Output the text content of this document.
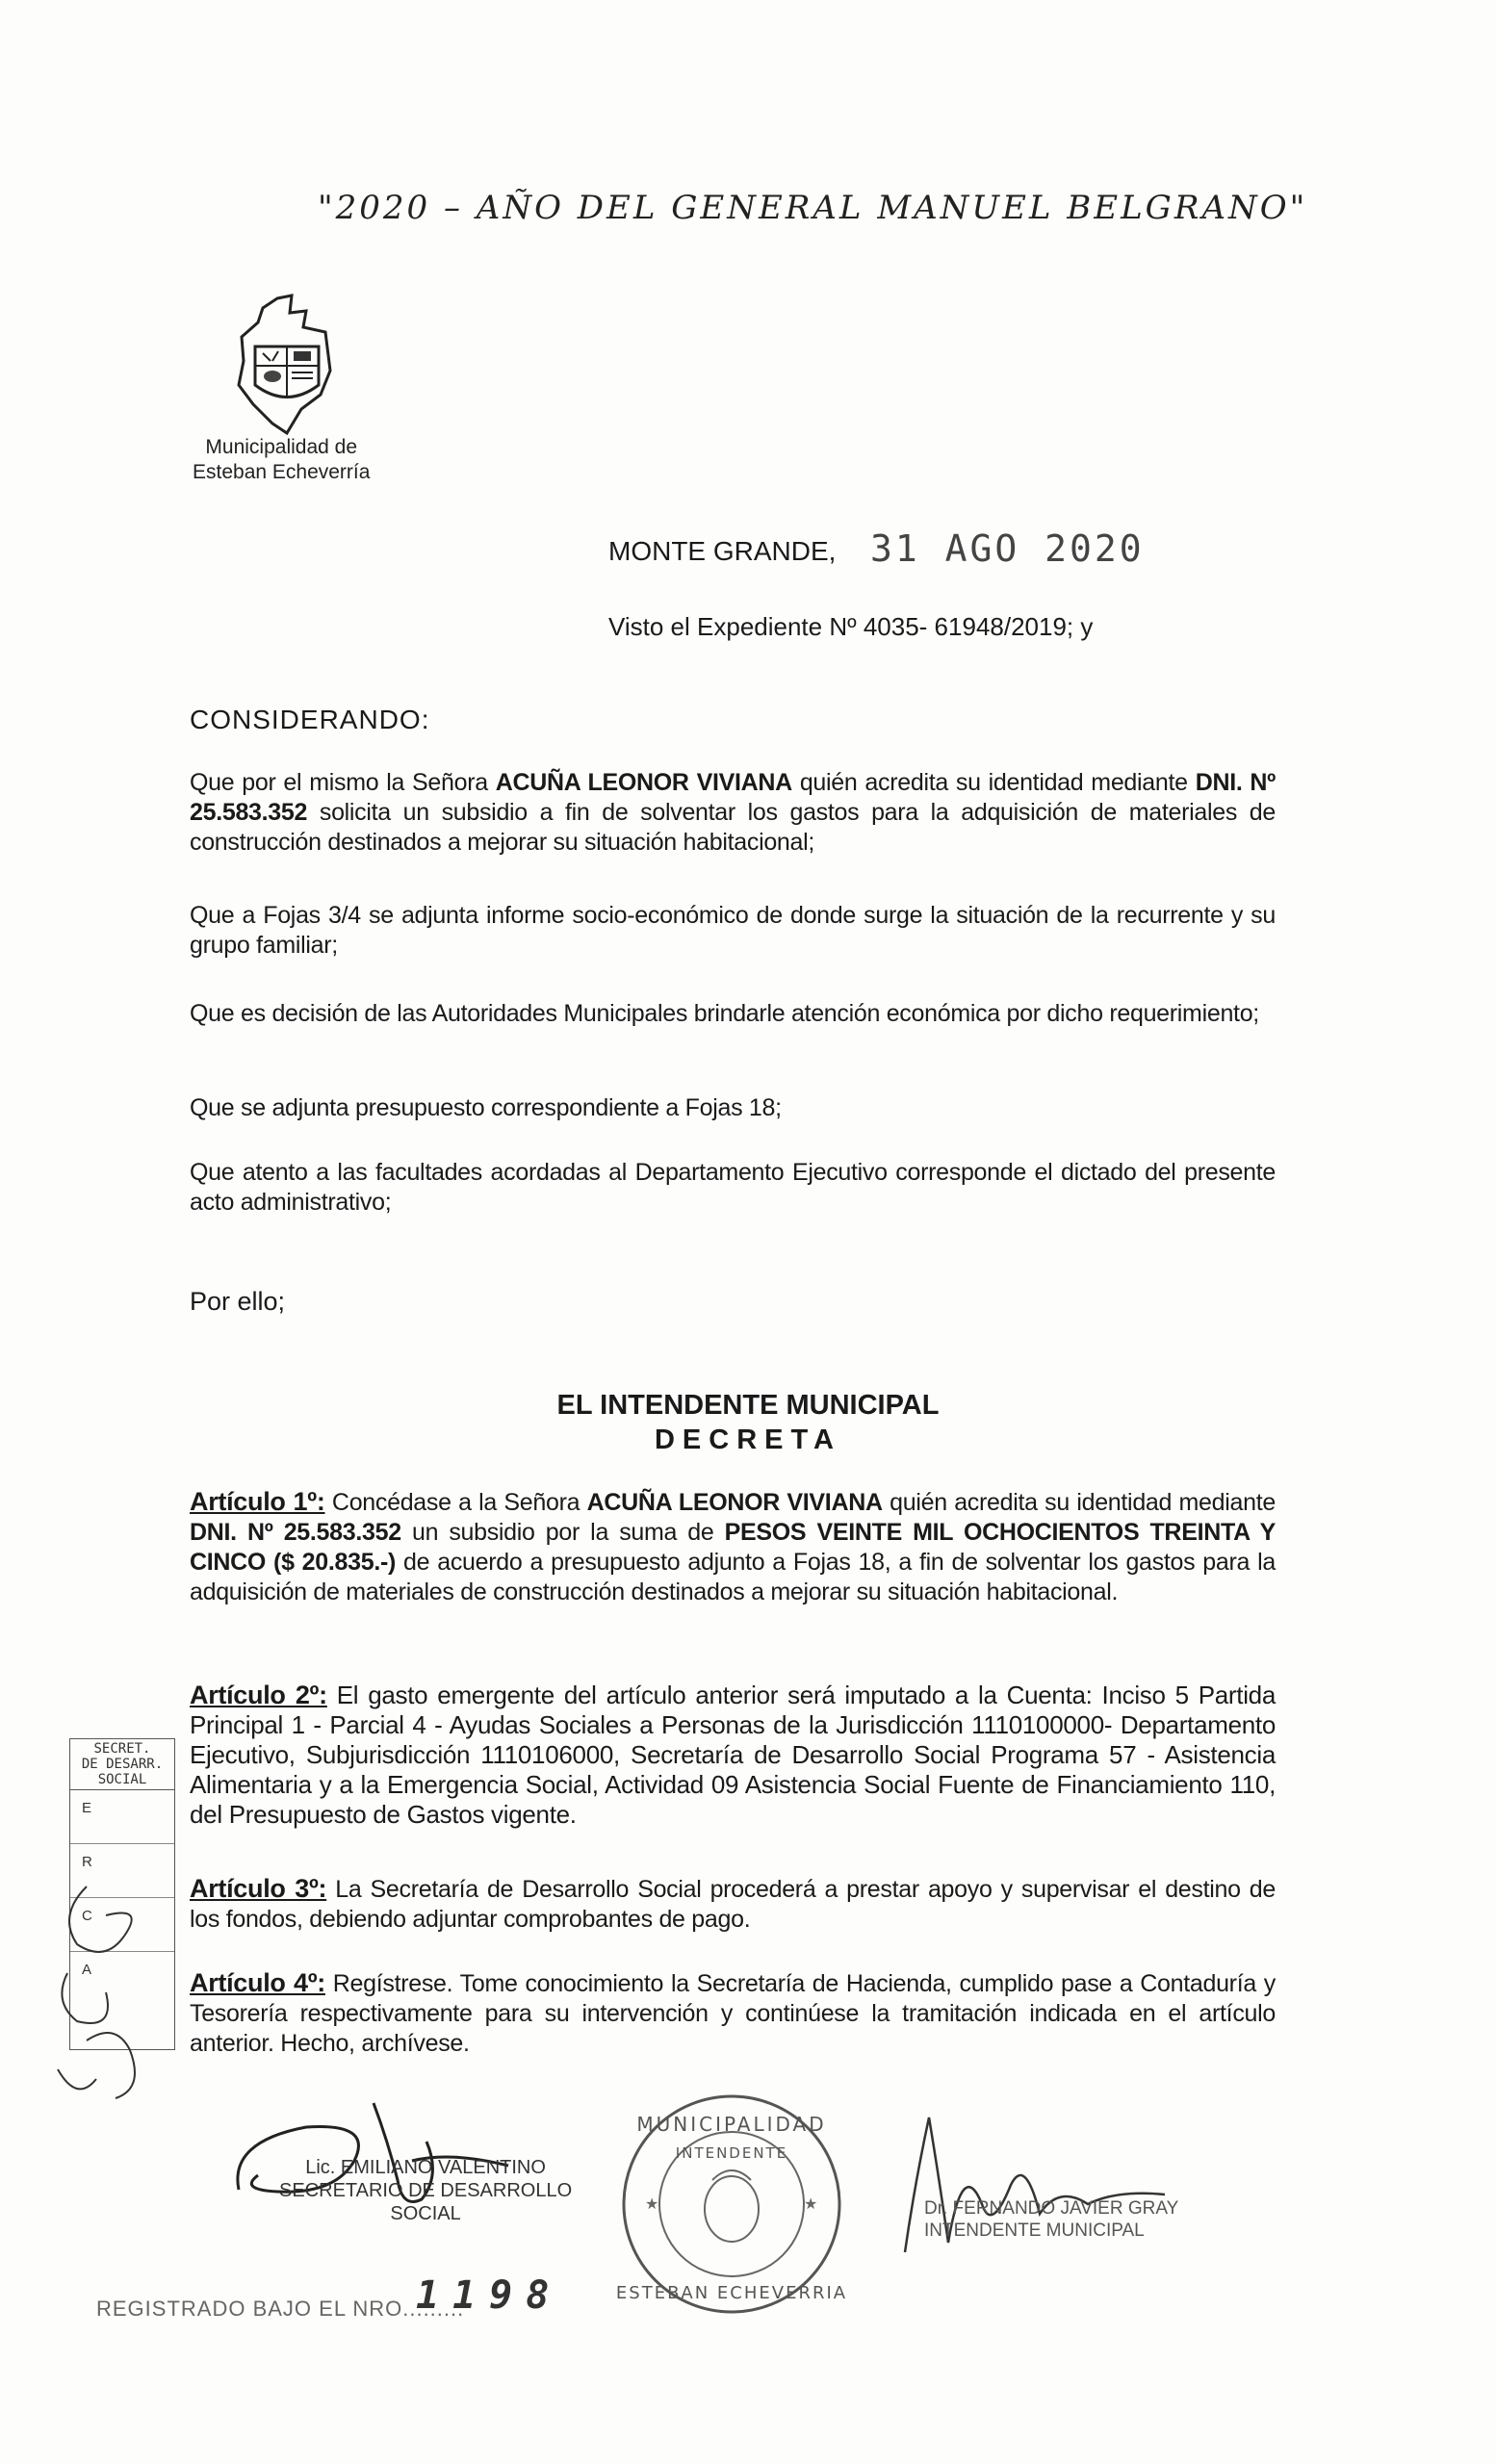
"2020 – AÑO DEL GENERAL MANUEL BELGRANO"
Municipalidad de
Esteban Echeverría
MONTE GRANDE, 31 AGO 2020
Visto el Expediente Nº 4035- 61948/2019; y
CONSIDERANDO:
Que por el mismo la Señora ACUÑA LEONOR VIVIANA quién acredita su identidad mediante DNI. Nº 25.583.352 solicita un subsidio a fin de solventar los gastos para la adquisición de materiales de construcción destinados a mejorar su situación habitacional;
Que a Fojas 3/4 se adjunta informe socio-económico de donde surge la situación de la recurrente y su grupo familiar;
Que es decisión de las Autoridades Municipales brindarle atención económica por dicho requerimiento;
Que se adjunta presupuesto correspondiente a Fojas 18;
Que atento a las facultades acordadas al Departamento Ejecutivo corresponde el dictado del presente acto administrativo;
Por ello;
EL INTENDENTE MUNICIPAL
DECRETA
Artículo 1º: Concédase a la Señora ACUÑA LEONOR VIVIANA quién acredita su identidad mediante DNI. Nº 25.583.352 un subsidio por la suma de PESOS VEINTE MIL OCHOCIENTOS TREINTA Y CINCO ($ 20.835.-) de acuerdo a presupuesto adjunto a Fojas 18, a fin de solventar los gastos para la adquisición de materiales de construcción destinados a mejorar su situación habitacional.
Artículo 2º: El gasto emergente del artículo anterior será imputado a la Cuenta: Inciso 5 Partida Principal 1 - Parcial 4 - Ayudas Sociales a Personas de la Jurisdicción 1110100000- Departamento Ejecutivo, Subjurisdicción 1110106000, Secretaría de Desarrollo Social Programa 57 - Asistencia Alimentaria y a la Emergencia Social, Actividad 09 Asistencia Social Fuente de Financiamiento 110, del Presupuesto de Gastos vigente.
Artículo 3º: La Secretaría de Desarrollo Social procederá a prestar apoyo y supervisar el destino de los fondos, debiendo adjuntar comprobantes de pago.
Artículo 4º: Regístrese. Tome conocimiento la Secretaría de Hacienda, cumplido pase a Contaduría y Tesorería respectivamente para su intervención y continúese la tramitación indicada en el artículo anterior. Hecho, archívese.
SECRET.
DE DESARR.
SOCIAL
E
R
C
A
Lic. EMILIANO VALENTINO
SECRETARIO DE DESARROLLO
SOCIAL	★	★
MUNICIPALIDAD
INTENDENTE
ESTEBAN ECHEVERRIA
Dr. FERNANDO JAVIER GRAY
INTENDENTE MUNICIPAL
REGISTRADO BAJO EL NRO.........
1198
